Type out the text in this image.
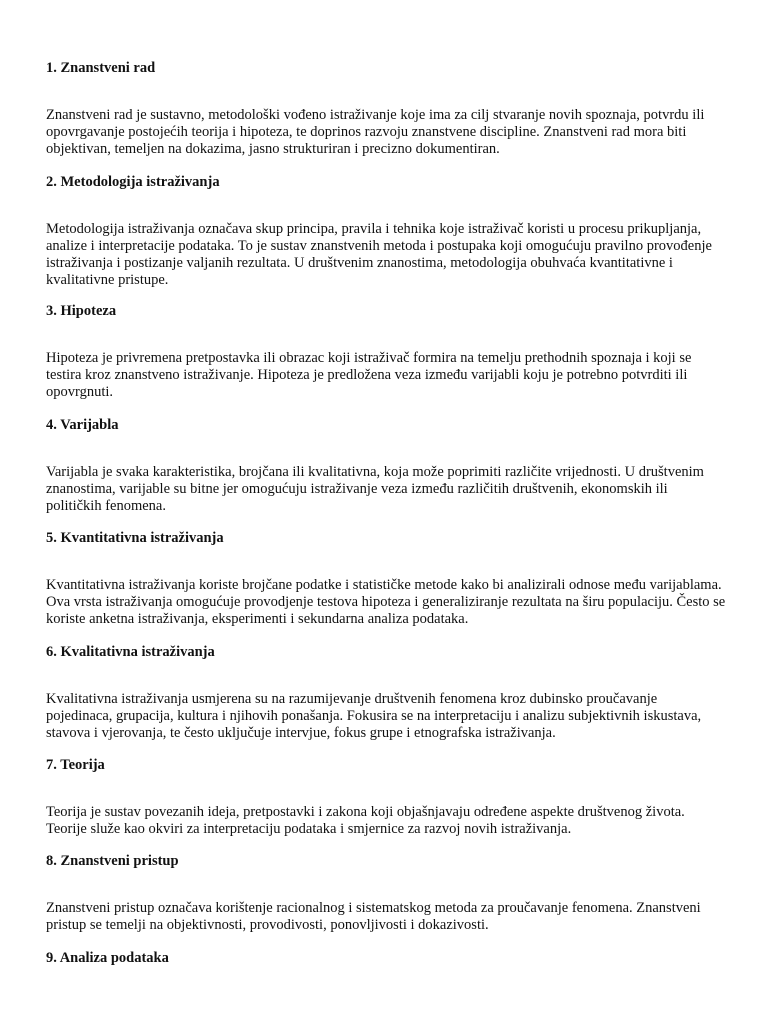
1. Znanstveni rad

Znanstveni rad je sustavno, metodološki vođeno istraživanje koje ima za cilj stvaranje novih spoznaja, potvrdu ili opovrgavanje postojećih teorija i hipoteza, te doprinos razvoju znanstvene discipline. Znanstveni rad mora biti objektivan, temeljen na dokazima, jasno strukturiran i precizno dokumentiran.

2. Metodologija istraživanja

Metodologija istraživanja označava skup principa, pravila i tehnika koje istraživač koristi u procesu prikupljanja, analize i interpretacije podataka. To je sustav znanstvenih metoda i postupaka koji omogućuju pravilno provođenje istraživanja i postizanje valjanih rezultata. U društvenim znanostima, metodologija obuhvaća kvantitativne i kvalitativne pristupe.

3. Hipoteza

Hipoteza je privremena pretpostavka ili obrazac koji istraživač formira na temelju prethodnih spoznaja i koji se testira kroz znanstveno istraživanje. Hipoteza je predložena veza između varijabli koju je potrebno potvrditi ili opovrgnuti.

4. Varijabla

Varijabla je svaka karakteristika, brojčana ili kvalitativna, koja može poprimiti različite vrijednosti. U društvenim znanostima, varijable su bitne jer omogućuju istraživanje veza između različitih društvenih, ekonomskih ili političkih fenomena.

5. Kvantitativna istraživanja

Kvantitativna istraživanja koriste brojčane podatke i statističke metode kako bi analizirali odnose među varijablama. Ova vrsta istraživanja omogućuje provodjenje testova hipoteza i generaliziranje rezultata na širu populaciju. Često se koriste anketna istraživanja, eksperimenti i sekundarna analiza podataka.

6. Kvalitativna istraživanja

Kvalitativna istraživanja usmjerena su na razumijevanje društvenih fenomena kroz dubinsko proučavanje pojedinaca, grupacija, kultura i njihovih ponašanja. Fokusira se na interpretaciju i analizu subjektivnih iskustava, stavova i vjerovanja, te često uključuje intervjue, fokus grupe i etnografska istraživanja.

7. Teorija

Teorija je sustav povezanih ideja, pretpostavki i zakona koji objašnjavaju određene aspekte društvenog života. Teorije služe kao okviri za interpretaciju podataka i smjernice za razvoj novih istraživanja.

8. Znanstveni pristup

Znanstveni pristup označava korištenje racionalnog i sistematskog metoda za proučavanje fenomena. Znanstveni pristup se temelji na objektivnosti, provodivosti, ponovljivosti i dokazivosti.

9. Analiza podataka
